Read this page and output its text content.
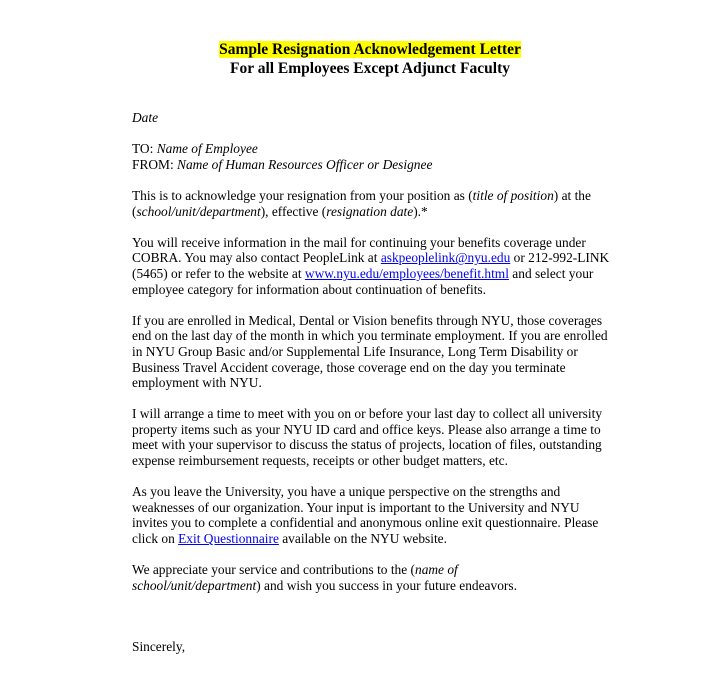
Sample Resignation Acknowledgement Letter
For all Employees Except Adjunct Faculty
Date
TO: Name of Employee
FROM: Name of Human Resources Officer or Designee
This is to acknowledge your resignation from your position as (title of position) at the
(school/unit/department), effective (resignation date).*
You will receive information in the mail for continuing your benefits coverage under
COBRA. You may also contact PeopleLink at askpeoplelink@nyu.edu or 212-992-LINK
(5465) or refer to the website at www.nyu.edu/employees/benefit.html and select your
employee category for information about continuation of benefits.
If you are enrolled in Medical, Dental or Vision benefits through NYU, those coverages
end on the last day of the month in which you terminate employment. If you are enrolled
in NYU Group Basic and/or Supplemental Life Insurance, Long Term Disability or
Business Travel Accident coverage, those coverage end on the day you terminate
employment with NYU.
I will arrange a time to meet with you on or before your last day to collect all university
property items such as your NYU ID card and office keys. Please also arrange a time to
meet with your supervisor to discuss the status of projects, location of files, outstanding
expense reimbursement requests, receipts or other budget matters, etc.
As you leave the University, you have a unique perspective on the strengths and
weaknesses of our organization. Your input is important to the University and NYU
invites you to complete a confidential and anonymous online exit questionnaire. Please
click on Exit Questionnaire available on the NYU website.
We appreciate your service and contributions to the (name of
school/unit/department) and wish you success in your future endeavors.
Sincerely,
